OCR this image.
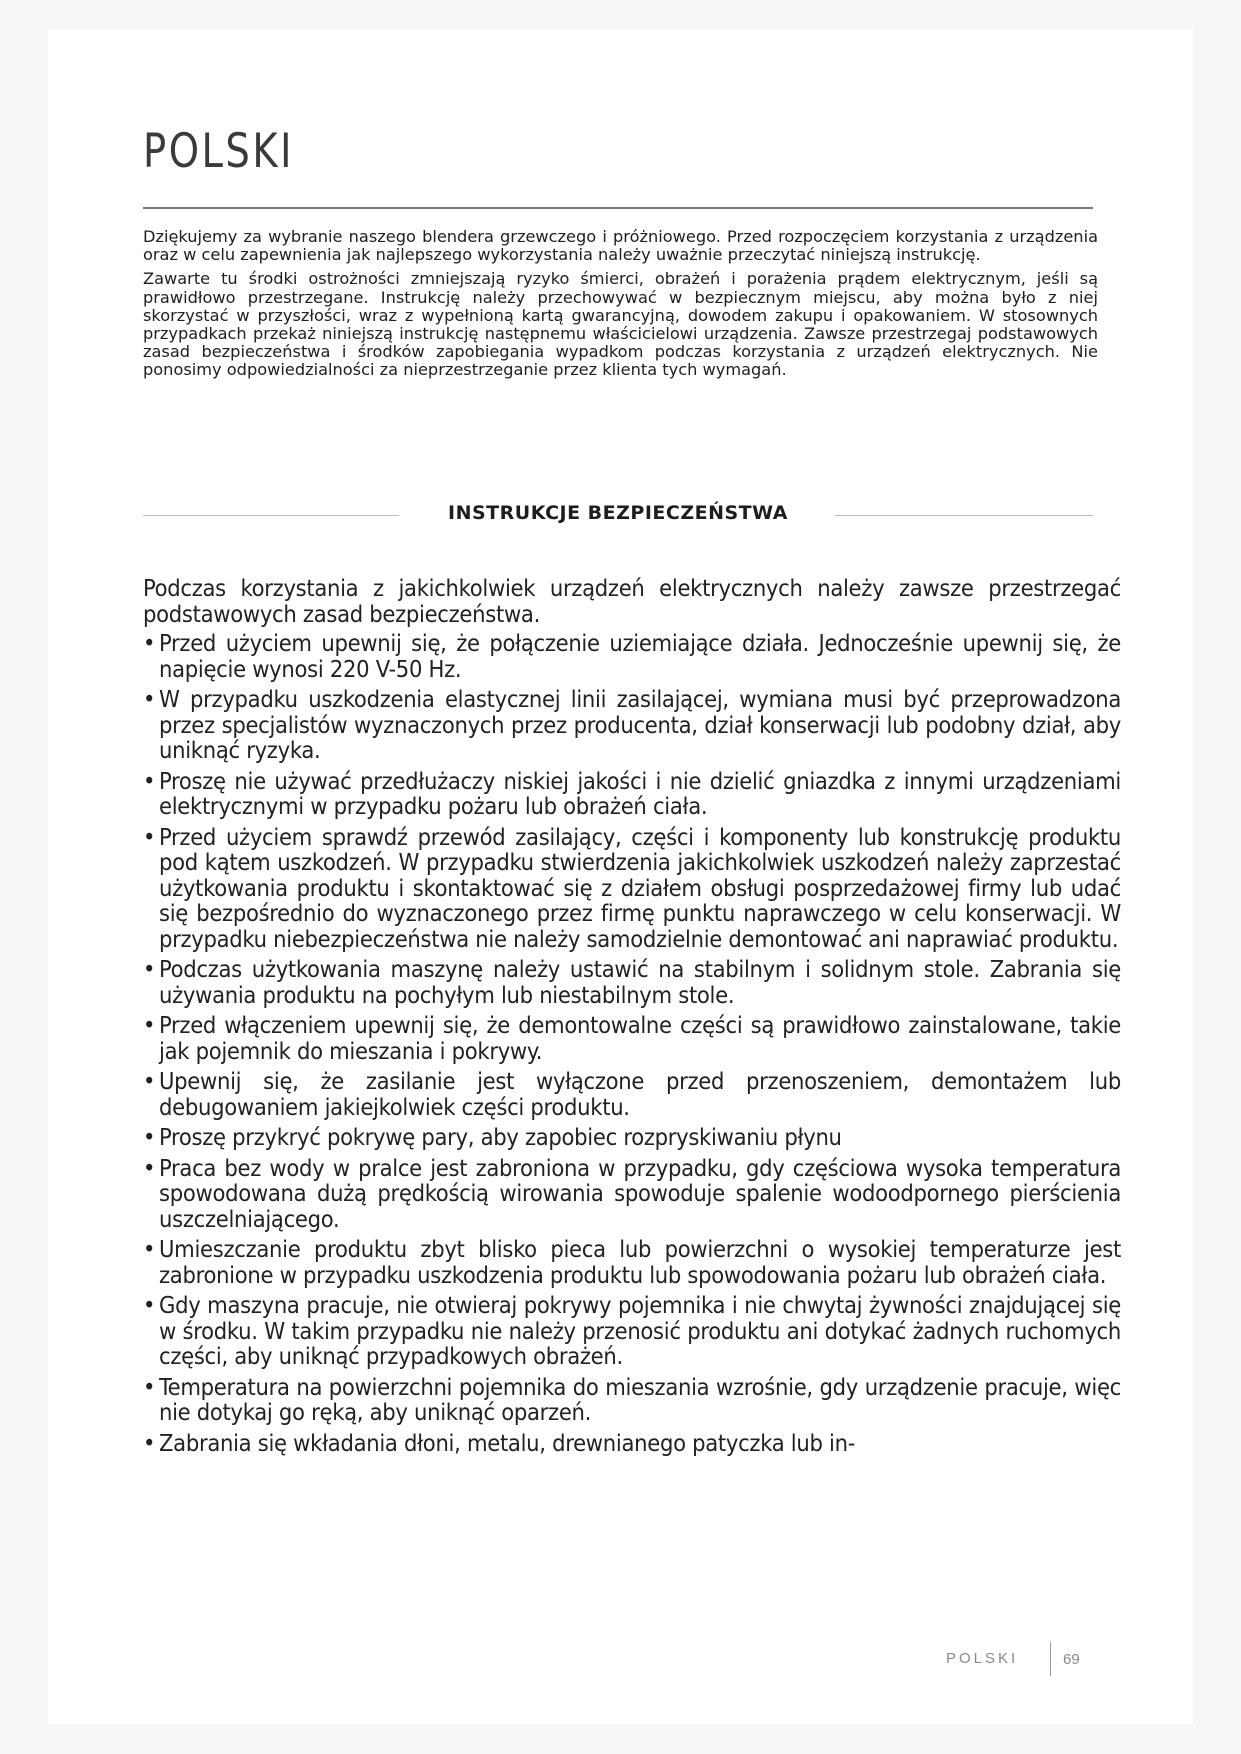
POLSKI

Dziękujemy za wybranie naszego blendera grzewczego i próżniowego. Przed rozpoczęciem korzystania z urządzenia oraz w celu zapewnienia jak najlepszego wykorzystania należy uważnie przeczytać niniejszą instrukcję.

Zawarte tu środki ostrożności zmniejszają ryzyko śmierci, obrażeń i porażenia prądem elektrycznym, jeśli są prawidłowo przestrzegane. Instrukcję należy przechowywać w bezpiecznym miejscu, aby można było z niej skorzystać w przyszłości, wraz z wypełnioną kartą gwarancyjną, dowodem zakupu i opakowaniem. W stosownych przypadkach przekaż niniejszą instrukcję następnemu właścicielowi urządzenia. Zawsze przestrzegaj podstawowych zasad bezpieczeństwa i środków zapobiegania wypadkom podczas korzystania z urządzeń elektrycznych. Nie ponosimy odpowiedzialności za nieprzestrzeganie przez klienta tych wymagań.

INSTRUKCJE BEZPIECZEŃSTWA

Podczas korzystania z jakichkolwiek urządzeń elektrycznych należy zawsze przestrzegać podstawowych zasad bezpieczeństwa.

• Przed użyciem upewnij się, że połączenie uziemiające działa. Jednocześnie upewnij się, że napięcie wynosi 220 V-50 Hz.
• W przypadku uszkodzenia elastycznej linii zasilającej, wymiana musi być przeprowadzona przez specjalistów wyznaczonych przez producenta, dział konserwacji lub podobny dział, aby uniknąć ryzyka.
• Proszę nie używać przedłużaczy niskiej jakości i nie dzielić gniazdka z innymi urządzeniami elektrycznymi w przypadku pożaru lub obrażeń ciała.
• Przed użyciem sprawdź przewód zasilający, części i komponenty lub konstrukcję produktu pod kątem uszkodzeń. W przypadku stwierdzenia jakichkolwiek uszkodzeń należy zaprzestać użytkowania produktu i skontaktować się z działem obsługi posprzedażowej firmy lub udać się bezpośrednio do wyznaczonego przez firmę punktu naprawczego w celu konserwacji. W przypadku niebezpieczeństwa nie należy samodzielnie demontować ani naprawiać produktu.
• Podczas użytkowania maszynę należy ustawić na stabilnym i solidnym stole. Zabrania się używania produktu na pochyłym lub niestabilnym stole.
• Przed włączeniem upewnij się, że demontowalne części są prawidłowo zainstalowane, takie jak pojemnik do mieszania i pokrywy.
• Upewnij się, że zasilanie jest wyłączone przed przenoszeniem, demontażem lub debugowaniem jakiejkolwiek części produktu.
• Proszę przykryć pokrywę pary, aby zapobiec rozpryskiwaniu płynu
• Praca bez wody w pralce jest zabroniona w przypadku, gdy częściowa wysoka temperatura spowodowana dużą prędkością wirowania spowoduje spalenie wodoodpornego pierścienia uszczelniającego.
• Umieszczanie produktu zbyt blisko pieca lub powierzchni o wysokiej temperaturze jest zabronione w przypadku uszkodzenia produktu lub spowodowania pożaru lub obrażeń ciała.
• Gdy maszyna pracuje, nie otwieraj pokrywy pojemnika i nie chwytaj żywności znajdującej się w środku. W takim przypadku nie należy przenosić produktu ani dotykać żadnych ruchomych części, aby uniknąć przypadkowych obrażeń.
• Temperatura na powierzchni pojemnika do mieszania wzrośnie, gdy urządzenie pracuje, więc nie dotykaj go ręką, aby uniknąć oparzeń.
• Zabrania się wkładania dłoni, metalu, drewnianego patyczka lub in-
POLSKI	69
